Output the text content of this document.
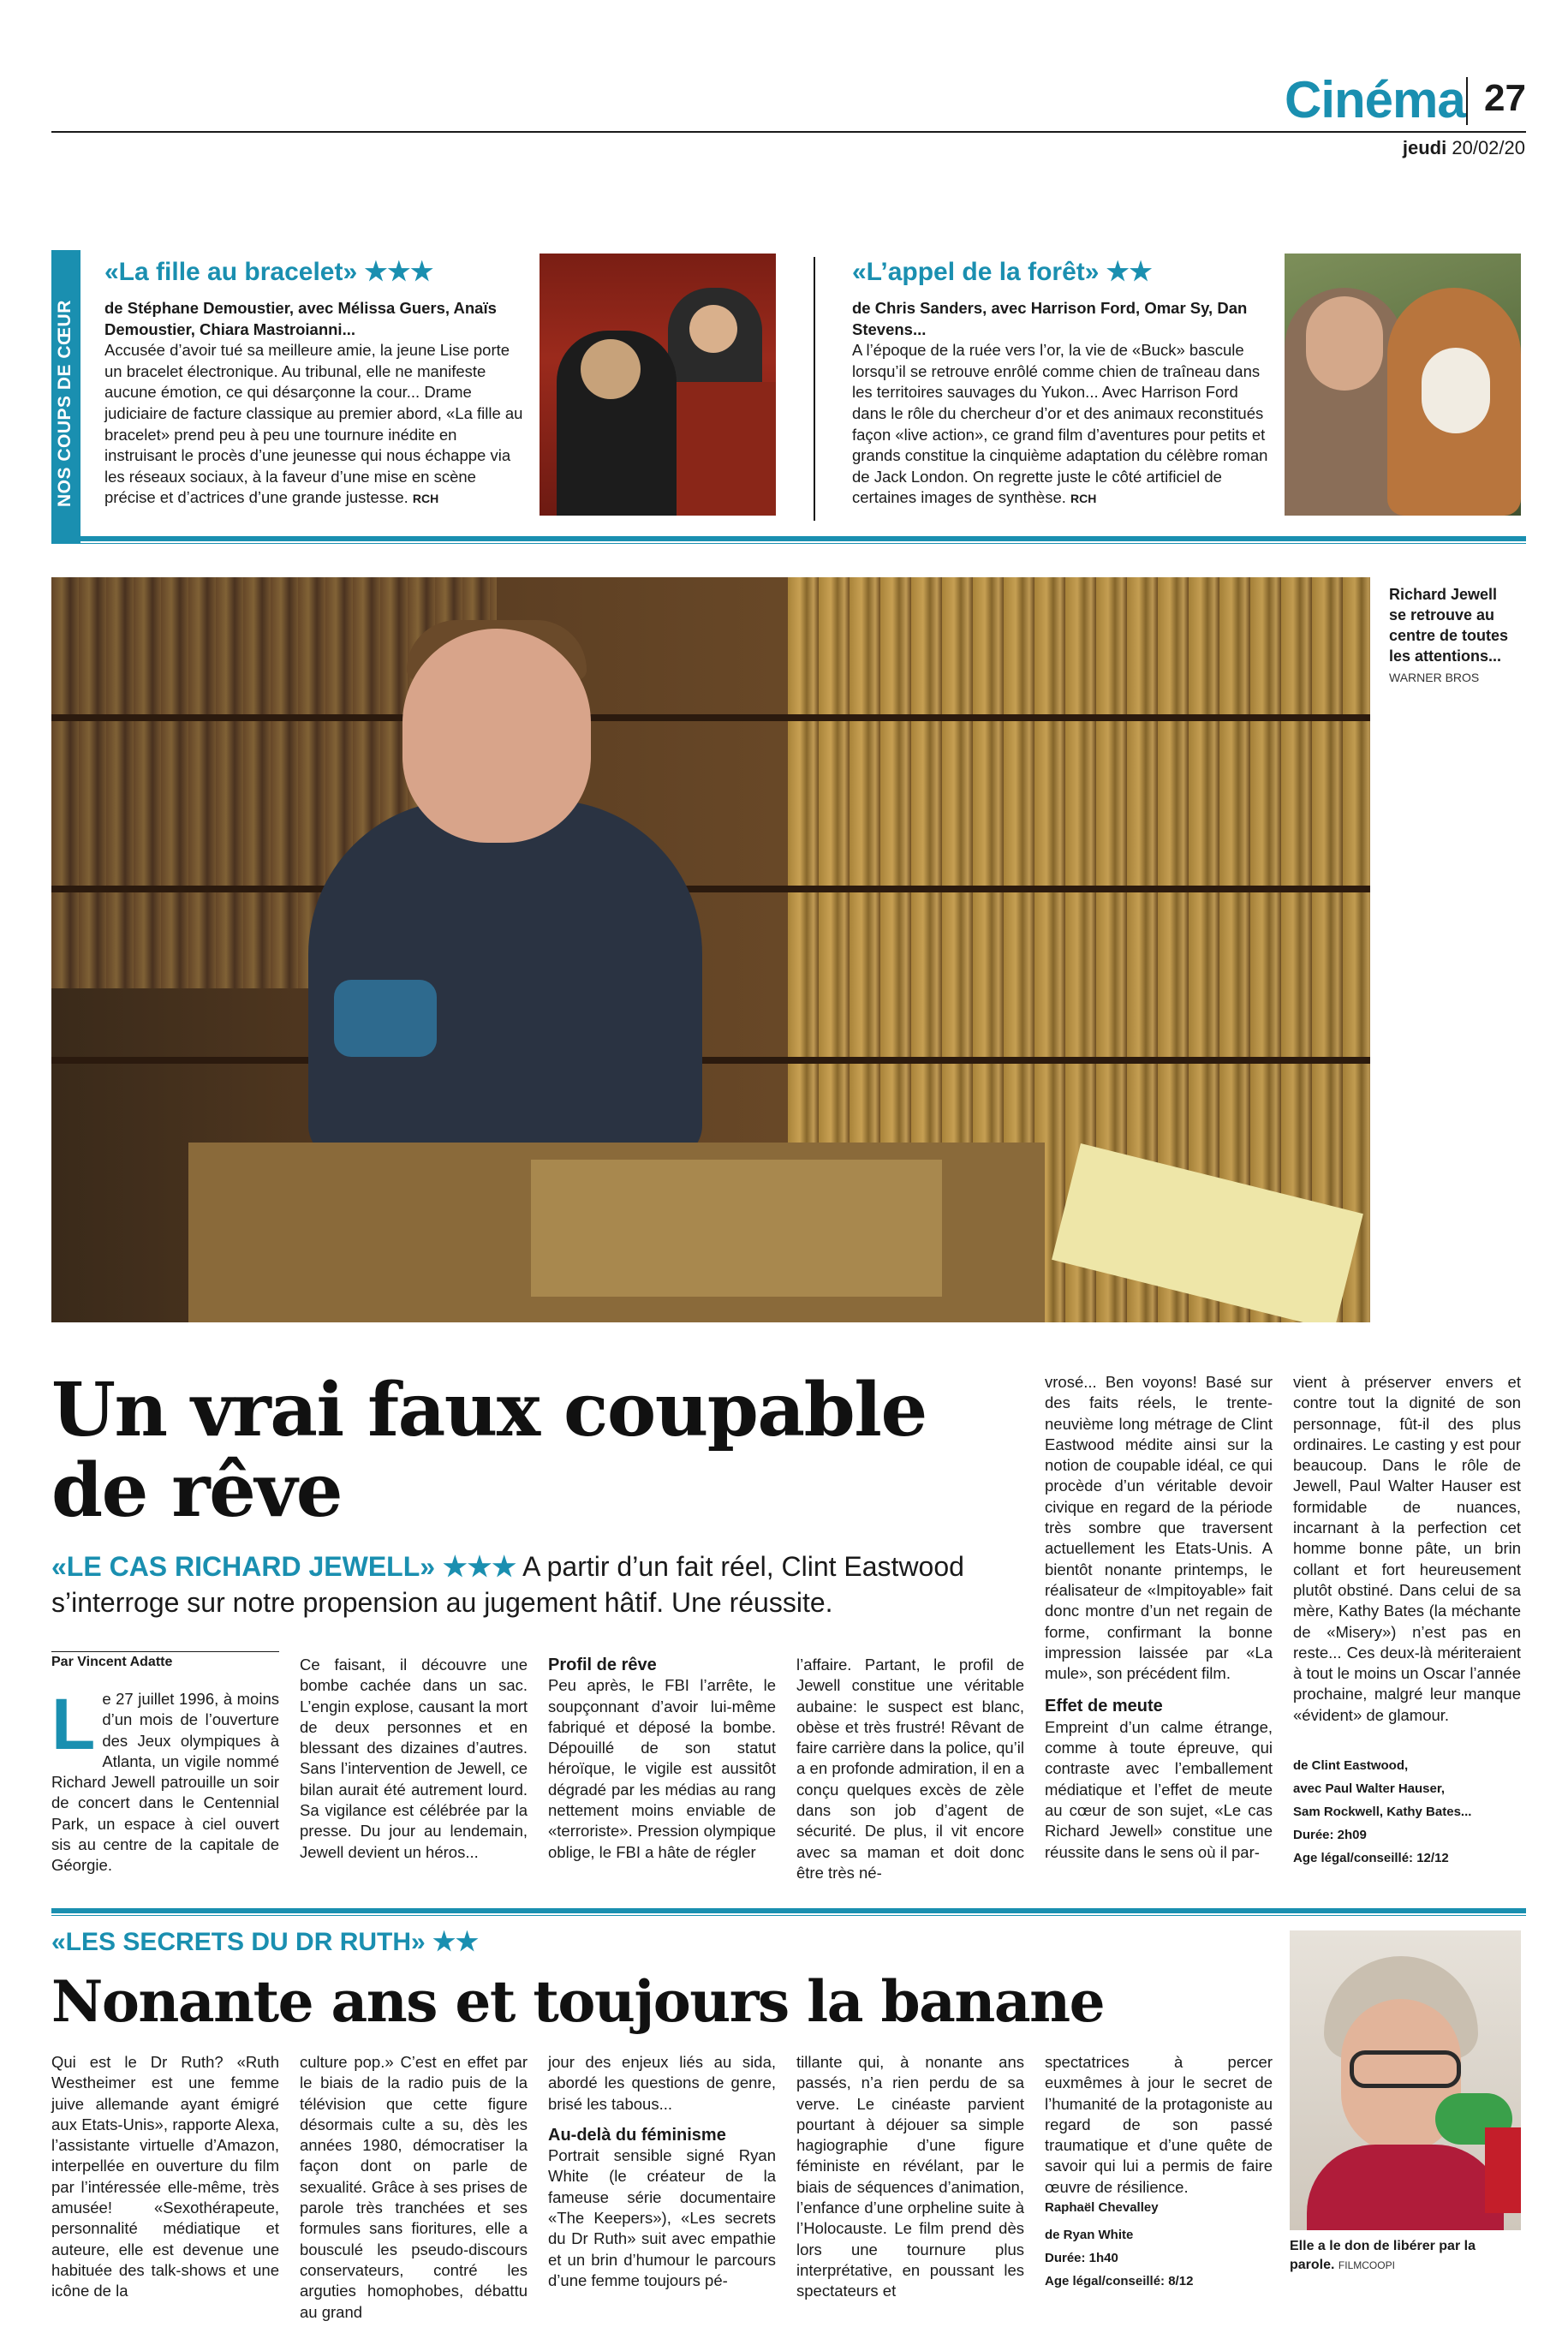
Cinéma 27
jeudi 20/02/20
NOS COUPS DE CŒUR
«La fille au bracelet» ★★★
de Stéphane Demoustier, avec Mélissa Guers, Anaïs Demoustier, Chiara Mastroianni...
Accusée d’avoir tué sa meilleure amie, la jeune Lise porte un bracelet électronique. Au tribunal, elle ne manifeste aucune émotion, ce qui désarçonne la cour... Drame judiciaire de facture classique au premier abord, «La fille au bracelet» prend peu à peu une tournure inédite en instruisant le procès d’une jeunesse qui nous échappe via les réseaux sociaux, à la faveur d’une mise en scène précise et d’actrices d’une grande justesse. RCH
«L’appel de la forêt» ★★
de Chris Sanders, avec Harrison Ford, Omar Sy, Dan Stevens...
A l’époque de la ruée vers l’or, la vie de «Buck» bascule lorsqu’il se retrouve enrôlé comme chien de traîneau dans les territoires sauvages du Yukon... Avec Harrison Ford dans le rôle du chercheur d’or et des animaux reconstitués façon «live action», ce grand film d’aventures pour petits et grands constitue la cinquième adaptation du célèbre roman de Jack London. On regrette juste le côté artificiel de certaines images de synthèse. RCH
Richard Jewell se retrouve au centre de toutes les attentions...
WARNER BROS
Un vrai faux coupable de rêve
«LE CAS RICHARD JEWELL» ★★★ A partir d’un fait réel, Clint Eastwood s’interroge sur notre propension au jugement hâtif. Une réussite.
Par Vincent Adatte
Le 27 juillet 1996, à moins d’un mois de l’ouverture des Jeux olympiques à Atlanta, un vigile nommé Richard Jewell patrouille un soir de concert dans le Centennial Park, un espace à ciel ouvert sis au centre de la capitale de Géorgie.
Ce faisant, il découvre une bombe cachée dans un sac. L’engin explose, causant la mort de deux personnes et en blessant des dizaines d’autres. Sans l’intervention de Jewell, ce bilan aurait été autrement lourd. Sa vigilance est célébrée par la presse. Du jour au lendemain, Jewell devient un héros...
Profil de rêve
Peu après, le FBI l’arrête, le soupçonnant d’avoir lui-même fabriqué et déposé la bombe. Dépouillé de son statut héroïque, le vigile est aussitôt dégradé par les médias au rang nettement moins enviable de «terroriste». Pression olympique oblige, le FBI a hâte de régler
l’affaire. Partant, le profil de Jewell constitue une véritable aubaine: le suspect est blanc, obèse et très frustré! Rêvant de faire carrière dans la police, qu’il a en profonde admiration, il en a conçu quelques excès de zèle dans son job d’agent de sécurité. De plus, il vit encore avec sa maman et doit donc être très né-
vrosé... Ben voyons! Basé sur des faits réels, le trente-neuvième long métrage de Clint Eastwood médite ainsi sur la notion de coupable idéal, ce qui procède d’un véritable devoir civique en regard de la période très sombre que traversent actuellement les Etats-Unis. A bientôt nonante printemps, le réalisateur de «Impitoyable» fait donc montre d’un net regain de forme, confirmant la bonne impression laissée par «La mule», son précédent film.
Effet de meute
Empreint d’un calme étrange, comme à toute épreuve, qui contraste avec l’emballement médiatique et l’effet de meute au cœur de son sujet, «Le cas Richard Jewell» constitue une réussite dans le sens où il par-
vient à préserver envers et contre tout la dignité de son personnage, fût-il des plus ordinaires. Le casting y est pour beaucoup. Dans le rôle de Jewell, Paul Walter Hauser est formidable de nuances, incarnant à la perfection cet homme bonne pâte, un brin collant et fort heureusement plutôt obstiné. Dans celui de sa mère, Kathy Bates (la méchante de «Misery») n’est pas en reste... Ces deux-là mériteraient à tout le moins un Oscar l’année prochaine, malgré leur manque «évident» de glamour.
de Clint Eastwood,
avec Paul Walter Hauser,
Sam Rockwell, Kathy Bates...
Durée: 2h09
Age légal/conseillé: 12/12
«LES SECRETS DU DR RUTH» ★★
Nonante ans et toujours la banane
Qui est le Dr Ruth? «Ruth Westheimer est une femme juive allemande ayant émigré aux Etats-Unis», rapporte Alexa, l’assistante virtuelle d’Amazon, interpellée en ouverture du film par l’intéressée elle-même, très amusée! «Sexothérapeute, personnalité médiatique et auteure, elle est devenue une habituée des talk-shows et une icône de la
culture pop.» C’est en effet par le biais de la radio puis de la télévision que cette figure désormais culte a su, dès les années 1980, démocratiser la façon dont on parle de sexualité. Grâce à ses prises de parole très tranchées et ses formules sans fioritures, elle a bousculé les pseudo-discours conservateurs, contré les arguties homophobes, débattu au grand
jour des enjeux liés au sida, abordé les questions de genre, brisé les tabous...
Au-delà du féminisme
Portrait sensible signé Ryan White (le créateur de la fameuse série documentaire «The Keepers»), «Les secrets du Dr Ruth» suit avec empathie et un brin d’humour le parcours d’une femme toujours pé-
tillante qui, à nonante ans passés, n’a rien perdu de sa verve. Le cinéaste parvient pourtant à déjouer sa simple hagiographie d’une figure féministe en révélant, par le biais de séquences d’animation, l’enfance d’une orpheline suite à l’Holocauste. Le film prend dès lors une tournure plus interprétative, en poussant les spectateurs et
spectatrices à percer euxmêmes à jour le secret de l’humanité de la protagoniste au regard de son passé traumatique et d’une quête de savoir qui lui a permis de faire œuvre de résilience.
Raphaël Chevalley
de Ryan White
Durée: 1h40
Age légal/conseillé: 8/12
Elle a le don de libérer par la parole. FILMCOOPI
